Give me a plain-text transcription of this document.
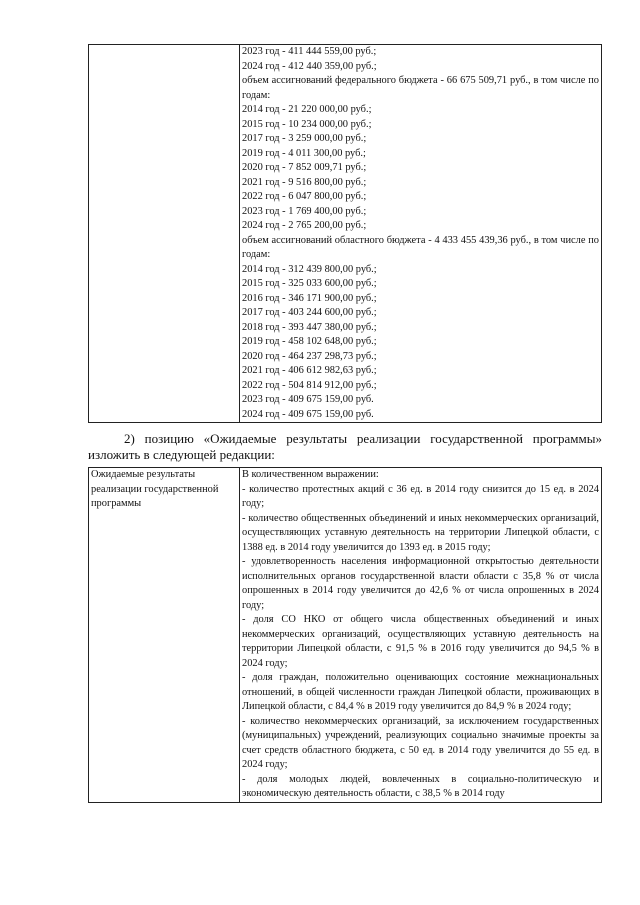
2023 год - 411 444 559,00 руб.;
2024 год - 412 440 359,00 руб.;
объем ассигнований федерального бюджета - 66 675 509,71 руб., в том числе по годам:
2014 год - 21 220 000,00 руб.;
2015 год - 10 234 000,00 руб.;
2017 год - 3 259 000,00 руб.;
2019 год - 4 011 300,00 руб.;
2020 год - 7 852 009,71 руб.;
2021 год - 9 516 800,00 руб.;
2022 год - 6 047 800,00 руб.;
2023 год - 1 769 400,00 руб.;
2024 год - 2 765 200,00 руб.;
объем ассигнований областного бюджета - 4 433 455 439,36 руб., в том числе по годам:
2014 год - 312 439 800,00 руб.;
2015 год - 325 033 600,00 руб.;
2016 год - 346 171 900,00 руб.;
2017 год - 403 244 600,00 руб.;
2018 год - 393 447 380,00 руб.;
2019 год - 458 102 648,00 руб.;
2020 год - 464 237 298,73 руб.;
2021 год - 406 612 982,63 руб.;
2022 год - 504 814 912,00 руб.;
2023 год - 409 675 159,00 руб.
2024 год - 409 675 159,00 руб.
2) позицию «Ожидаемые результаты реализации государственной программы» изложить в следующей редакции:
Ожидаемые результаты реализации государственной программы	
В количественном выражении:
- количество протестных акций с 36 ед. в 2014 году снизится до 15 ед. в 2024 году;
- количество общественных объединений и иных некоммерческих организаций, осуществляющих уставную деятельность на территории Липецкой области, с 1388 ед. в 2014 году увеличится до 1393 ед. в 2015 году;
- удовлетворенность населения информационной открытостью деятельности исполнительных органов государственной власти области с 35,8 % от числа опрошенных в 2014 году увеличится до 42,6 % от числа опрошенных в 2024 году;
- доля СО НКО от общего числа общественных объединений и иных некоммерческих организаций, осуществляющих уставную деятельность на территории Липецкой области, с 91,5 % в 2016 году увеличится до 94,5 % в 2024 году;
- доля граждан, положительно оценивающих состояние межнациональных отношений, в общей численности граждан Липецкой области, проживающих в Липецкой области, с 84,4 % в 2019 году увеличится до 84,9 % в 2024 году;
- количество некоммерческих организаций, за исключением государственных (муниципальных) учреждений, реализующих социально значимые проекты за счет средств областного бюджета, с 50 ед. в 2014 году увеличится до 55 ед. в 2024 году;
- доля молодых людей, вовлеченных в социально-политическую и экономическую деятельность области, с 38,5 % в 2014 году
